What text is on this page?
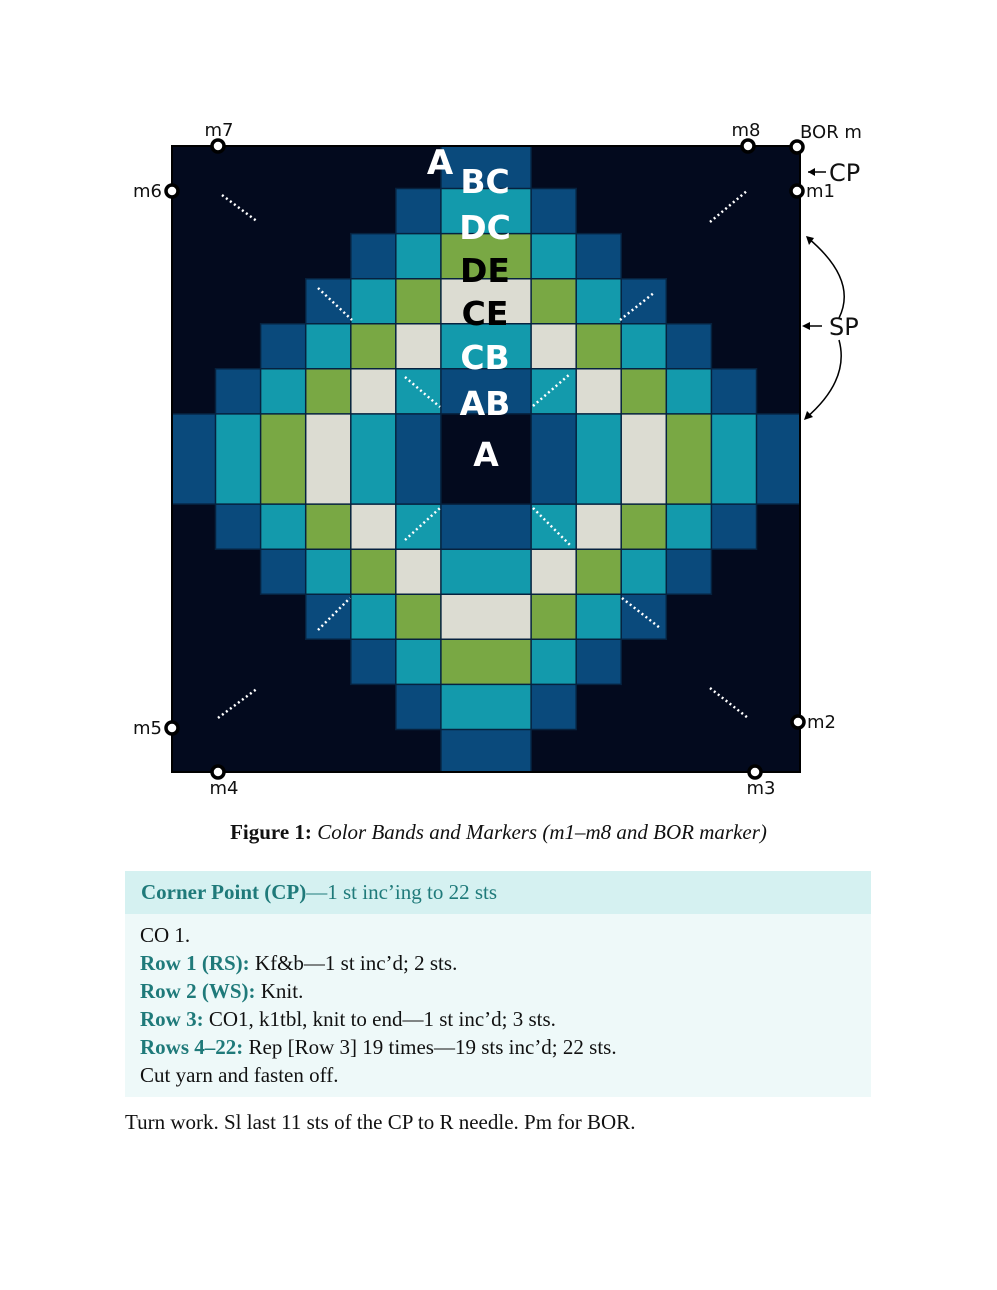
A BC
DC
DE
CE
CB
AB
A
m7	m8 BOR m
m6	m1
m5	m2
m4	m3
CP
SP
Figure 1: Color Bands and Markers (m1–m8 and BOR marker)
Corner Point (CP)—1 st inc’ing to 22 sts
CO 1.
Row 1 (RS): Kf&b—1 st inc’d; 2 sts.
Row 2 (WS): Knit.
Row 3: CO1, k1tbl, knit to end—1 st inc’d; 3 sts.
Rows 4–22: Rep [Row 3] 19 times—19 sts inc’d; 22 sts.
Cut yarn and fasten off.
Turn work. Sl last 11 sts of the CP to R needle. Pm for BOR.
